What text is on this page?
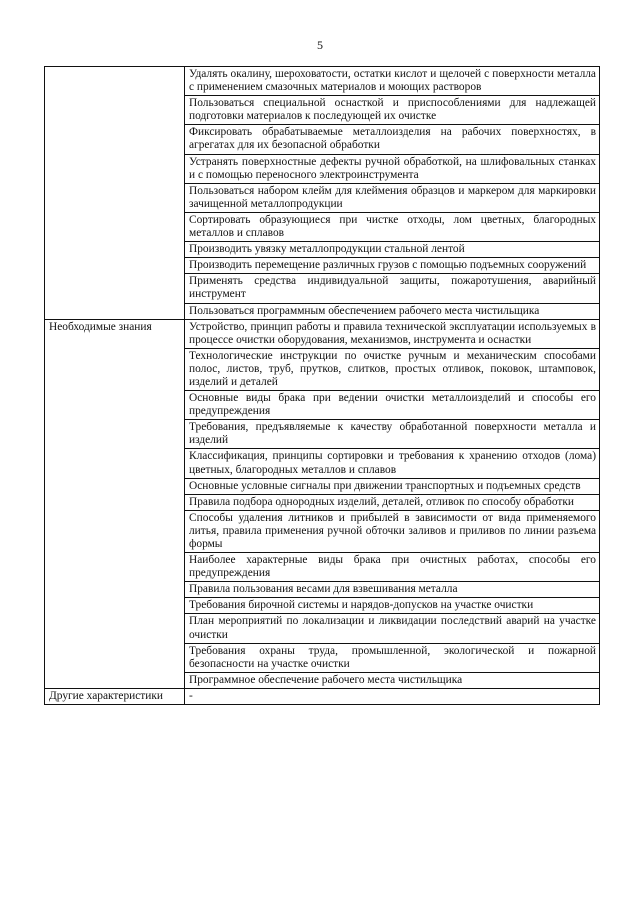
5
	Удалять окалину, шероховатости, остатки кислот и щелочей с поверхности металла с применением смазочных материалов и моющих растворов
	Пользоваться специальной оснасткой и приспособлениями для надлежащей подготовки материалов к последующей их очистке
	Фиксировать обрабатываемые металлоизделия на рабочих поверхностях, в агрегатах для их безопасной обработки
	Устранять поверхностные дефекты ручной обработкой, на шлифовальных станках и с помощью переносного электроинструмента
	Пользоваться набором клейм для клеймения образцов и маркером для маркировки зачищенной металлопродукции
	Сортировать образующиеся при чистке отходы, лом цветных, благородных металлов и сплавов
	Производить увязку металлопродукции стальной лентой
	Производить перемещение различных грузов с помощью подъемных сооружений
	Применять средства индивидуальной защиты, пожаротушения, аварийный инструмент
	Пользоваться программным обеспечением рабочего места чистильщика
Необходимые знания	Устройство, принцип работы и правила технической эксплуатации используемых в процессе очистки оборудования, механизмов, инструмента и оснастки
	Технологические инструкции по очистке ручным и механическим способами полос, листов, труб, прутков, слитков, простых отливок, поковок, штамповок, изделий и деталей
	Основные виды брака при ведении очистки металлоизделий и способы его предупреждения
	Требования, предъявляемые к качеству обработанной поверхности металла и изделий
	Классификация, принципы сортировки и требования к хранению отходов (лома) цветных, благородных металлов и сплавов
	Основные условные сигналы при движении транспортных и подъемных средств
	Правила подбора однородных изделий, деталей, отливок по способу обработки
	Способы удаления литников и прибылей в зависимости от вида применяемого литья, правила применения ручной обточки заливов и приливов по линии разъема формы
	Наиболее характерные виды брака при очистных работах, способы его предупреждения
	Правила пользования весами для взвешивания металла
	Требования бирочной системы и нарядов-допусков на участке очистки
	План мероприятий по локализации и ликвидации последствий аварий на участке очистки
	Требования охраны труда, промышленной, экологической и пожарной безопасности на участке очистки
	Программное обеспечение рабочего места чистильщика
Другие характеристики	-
